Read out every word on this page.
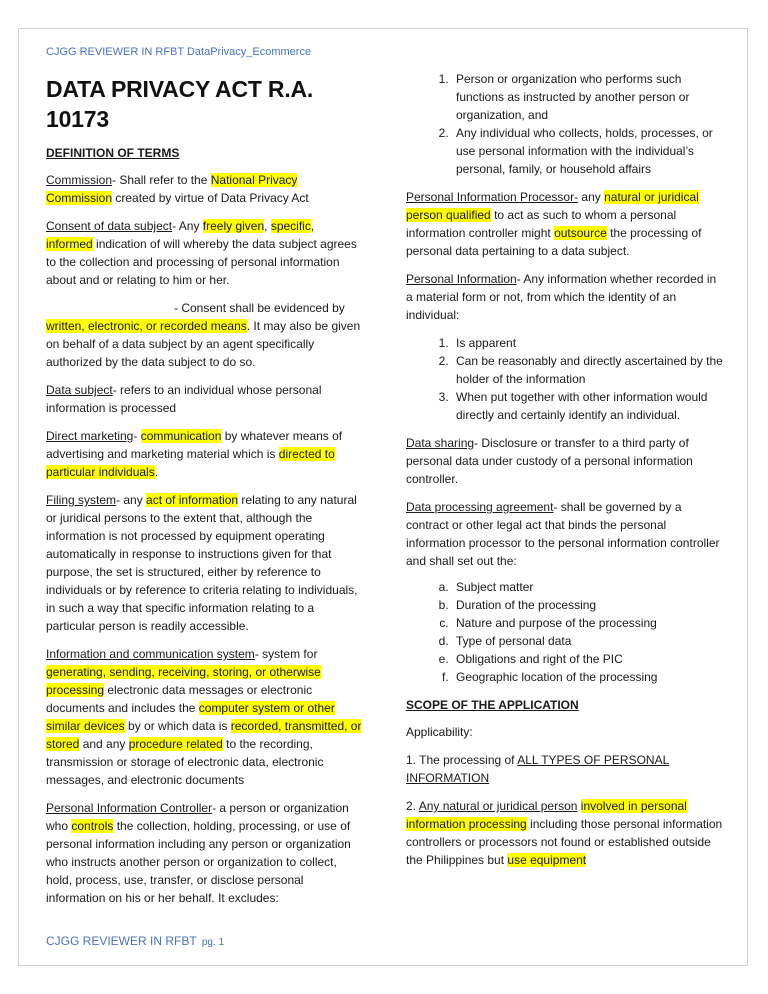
CJGG REVIEWER IN RFBT DataPrivacy_Ecommerce
DATA PRIVACY ACT R.A. 10173
DEFINITION OF TERMS

Commission- Shall refer to the National Privacy Commission created by virtue of Data Privacy Act

Consent of data subject- Any freely given, specific, informed indication of will whereby the data subject agrees to the collection and processing of personal information about and or relating to him or her.

- Consent shall be evidenced by written, electronic, or recorded means. It may also be given on behalf of a data subject by an agent specifically authorized by the data subject to do so.

Data subject- refers to an individual whose personal information is processed

Direct marketing- communication by whatever means of advertising and marketing material which is directed to particular individuals.

Filing system- any act of information relating to any natural or juridical persons to the extent that, although the information is not processed by equipment operating automatically in response to instructions given for that purpose, the set is structured, either by reference to individuals or by reference to criteria relating to individuals, in such a way that specific information relating to a particular person is readily accessible.

Information and communication system- system for generating, sending, receiving, storing, or otherwise processing electronic data messages or electronic documents and includes the computer system or other similar devices by or which data is recorded, transmitted, or stored and any procedure related to the recording, transmission or storage of electronic data, electronic messages, and electronic documents

Personal Information Controller- a person or organization who controls the collection, holding, processing, or use of personal information including any person or organization who instructs another person or organization to collect, hold, process, use, transfer, or disclose personal information on his or her behalf. It excludes:

1. Person or organization who performs such functions as instructed by another person or organization, and
2. Any individual who collects, holds, processes, or use personal information with the individual’s personal, family, or household affairs

Personal Information Processor- any natural or juridical person qualified to act as such to whom a personal information controller might outsource the processing of personal data pertaining to a data subject.

Personal Information- Any information whether recorded in a material form or not, from which the identity of an individual:

1. Is apparent
2. Can be reasonably and directly ascertained by the holder of the information
3. When put together with other information would directly and certainly identify an individual.

Data sharing- Disclosure or transfer to a third party of personal data under custody of a personal information controller.

Data processing agreement- shall be governed by a contract or other legal act that binds the personal information processor to the personal information controller and shall set out the:

a. Subject matter
b. Duration of the processing
c. Nature and purpose of the processing
d. Type of personal data
e. Obligations and right of the PIC
f. Geographic location of the processing
SCOPE OF THE APPLICATION

Applicability:

1. The processing of ALL TYPES OF PERSONAL INFORMATION

2. Any natural or juridical person involved in personal information processing including those personal information controllers or processors not found or established outside the Philippines but use equipment

CJGG REVIEWER IN RFBT pg. 1
